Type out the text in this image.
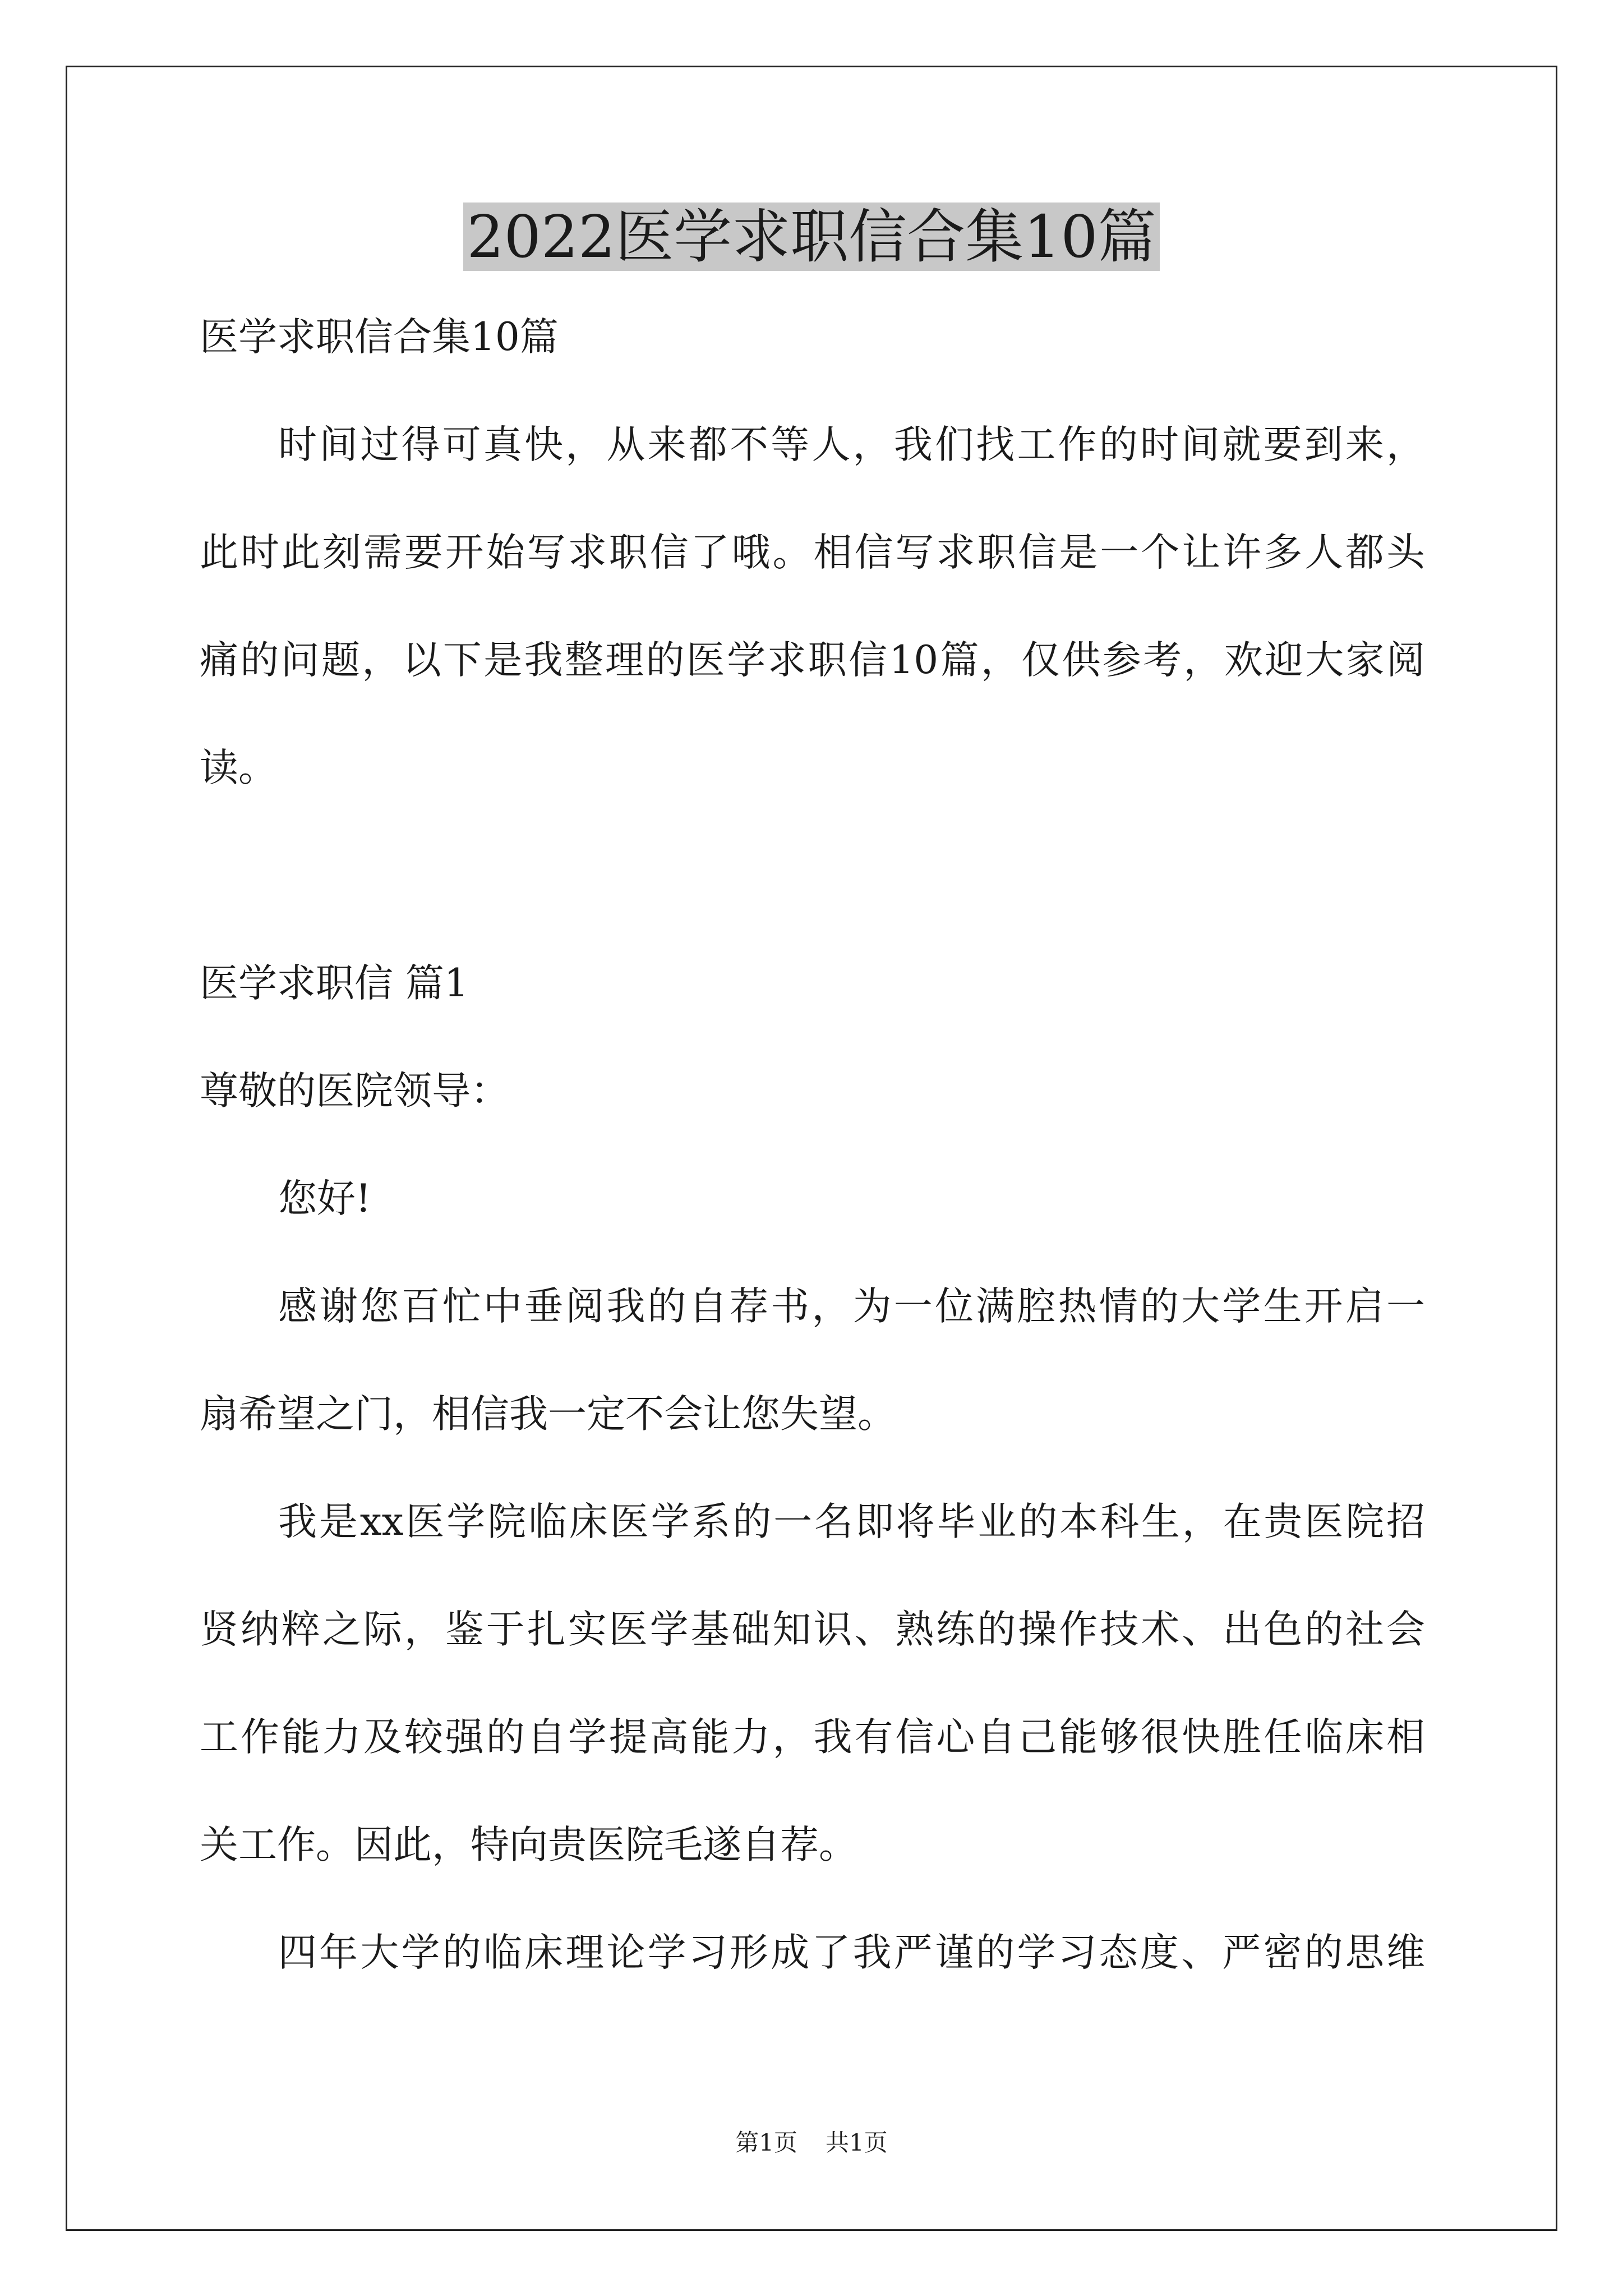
2022医学求职信合集10篇
医学求职信合集10篇
时间过得可真快，从来都不等人，我们找工作的时间就要到来，
此时此刻需要开始写求职信了哦。相信写求职信是一个让许多人都头
痛的问题，以下是我整理的医学求职信10篇，仅供参考，欢迎大家阅
读。
医学求职信 篇1
尊敬的医院领导：
您好!
感谢您百忙中垂阅我的自荐书，为一位满腔热情的大学生开启一
扇希望之门，相信我一定不会让您失望。
我是xx医学院临床医学系的一名即将毕业的本科生，在贵医院招
贤纳粹之际，鉴于扎实医学基础知识、熟练的操作技术、出色的社会
工作能力及较强的自学提高能力，我有信心自己能够很快胜任临床相
关工作。因此，特向贵医院毛遂自荐。
四年大学的临床理论学习形成了我严谨的学习态度、严密的思维
第1页 共1页
